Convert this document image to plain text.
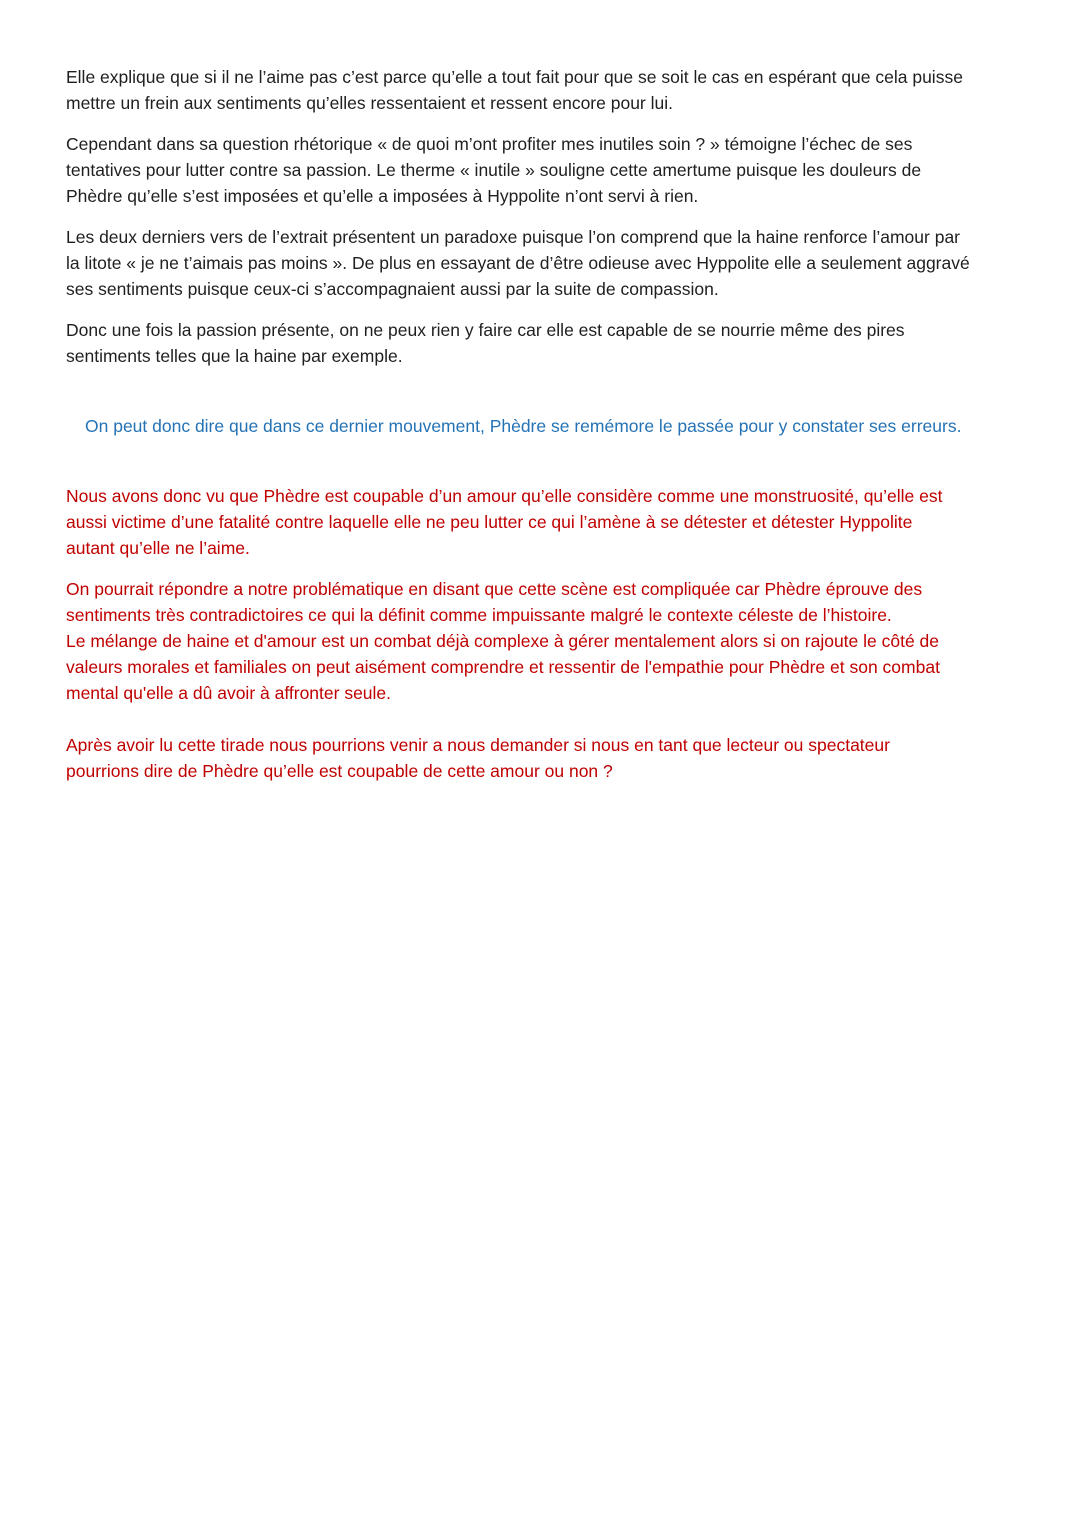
Elle explique que si il ne l’aime pas c’est parce qu’elle a tout fait pour que se soit le cas en espérant que cela puisse
mettre un frein aux sentiments qu’elles ressentaient et ressent encore pour lui.

Cependant dans sa question rhétorique « de quoi m’ont profiter mes inutiles soin ? » témoigne l’échec de ses
tentatives pour lutter contre sa passion. Le therme « inutile » souligne cette amertume puisque les douleurs de
Phèdre qu’elle s’est imposées et qu’elle a imposées à Hyppolite n’ont servi à rien.

Les deux derniers vers de l’extrait présentent un paradoxe puisque l’on comprend que la haine renforce l’amour par
la litote « je ne t’aimais pas moins ». De plus en essayant de d’être odieuse avec Hyppolite elle a seulement aggravé
ses sentiments puisque ceux-ci s’accompagnaient aussi par la suite de compassion.

Donc une fois la passion présente, on ne peux rien y faire car elle est capable de se nourrie même des pires
sentiments telles que la haine par exemple.

On peut donc dire que dans ce dernier mouvement, Phèdre se remémore le passée pour y constater ses erreurs.

Nous avons donc vu que Phèdre est coupable d’un amour qu’elle considère comme une monstruosité, qu’elle est
aussi victime d’une fatalité contre laquelle elle ne peu lutter ce qui l’amène à se détester et détester Hyppolite
autant qu’elle ne l’aime.

On pourrait répondre a notre problématique en disant que cette scène est compliquée car Phèdre éprouve des
sentiments très contradictoires ce qui la définit comme impuissante malgré le contexte céleste de l’histoire.
Le mélange de haine et d'amour est un combat déjà complexe à gérer mentalement alors si on rajoute le côté de
valeurs morales et familiales on peut aisément comprendre et ressentir de l'empathie pour Phèdre et son combat
mental qu'elle a dû avoir à affronter seule.

Après avoir lu cette tirade nous pourrions venir a nous demander si nous en tant que lecteur ou spectateur
pourrions dire de Phèdre qu’elle est coupable de cette amour ou non ?
